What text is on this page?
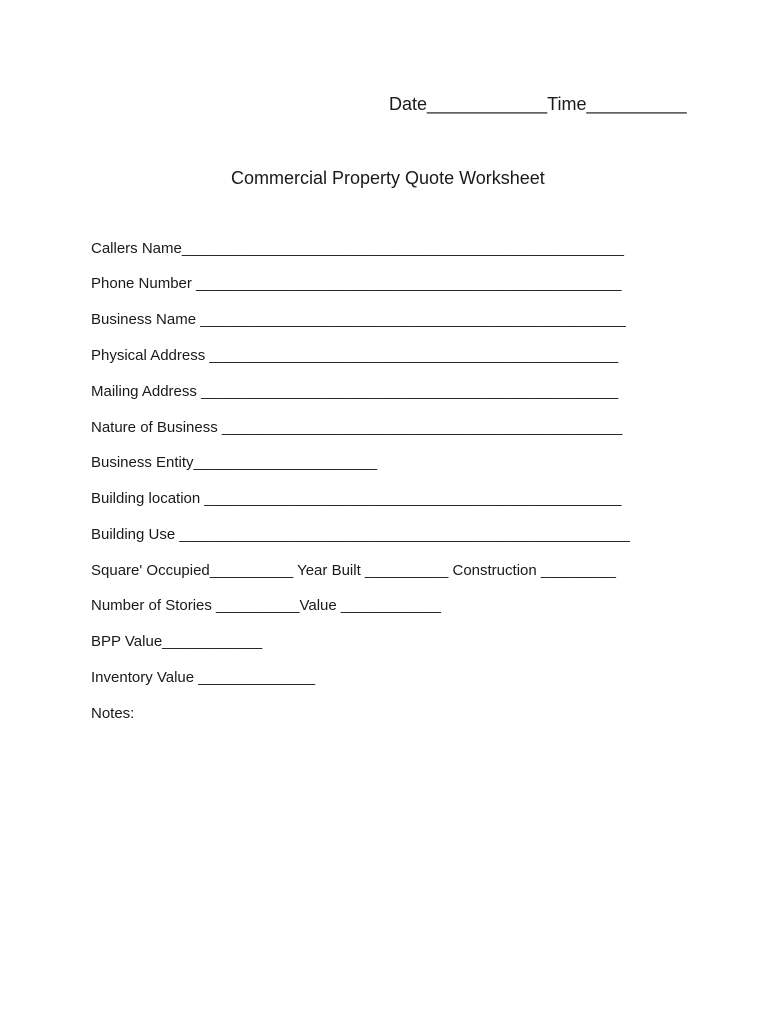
Date____________Time__________
Commercial Property Quote Worksheet
Callers Name_____________________________________________________
Phone Number ___________________________________________________
Business Name ___________________________________________________
Physical Address _________________________________________________
Mailing Address __________________________________________________
Nature of Business ________________________________________________
Business Entity______________________
Building location __________________________________________________
Building Use ______________________________________________________
Square' Occupied__________ Year Built __________ Construction _________
Number of Stories __________Value ____________
BPP Value____________
Inventory Value ______________
Notes:
